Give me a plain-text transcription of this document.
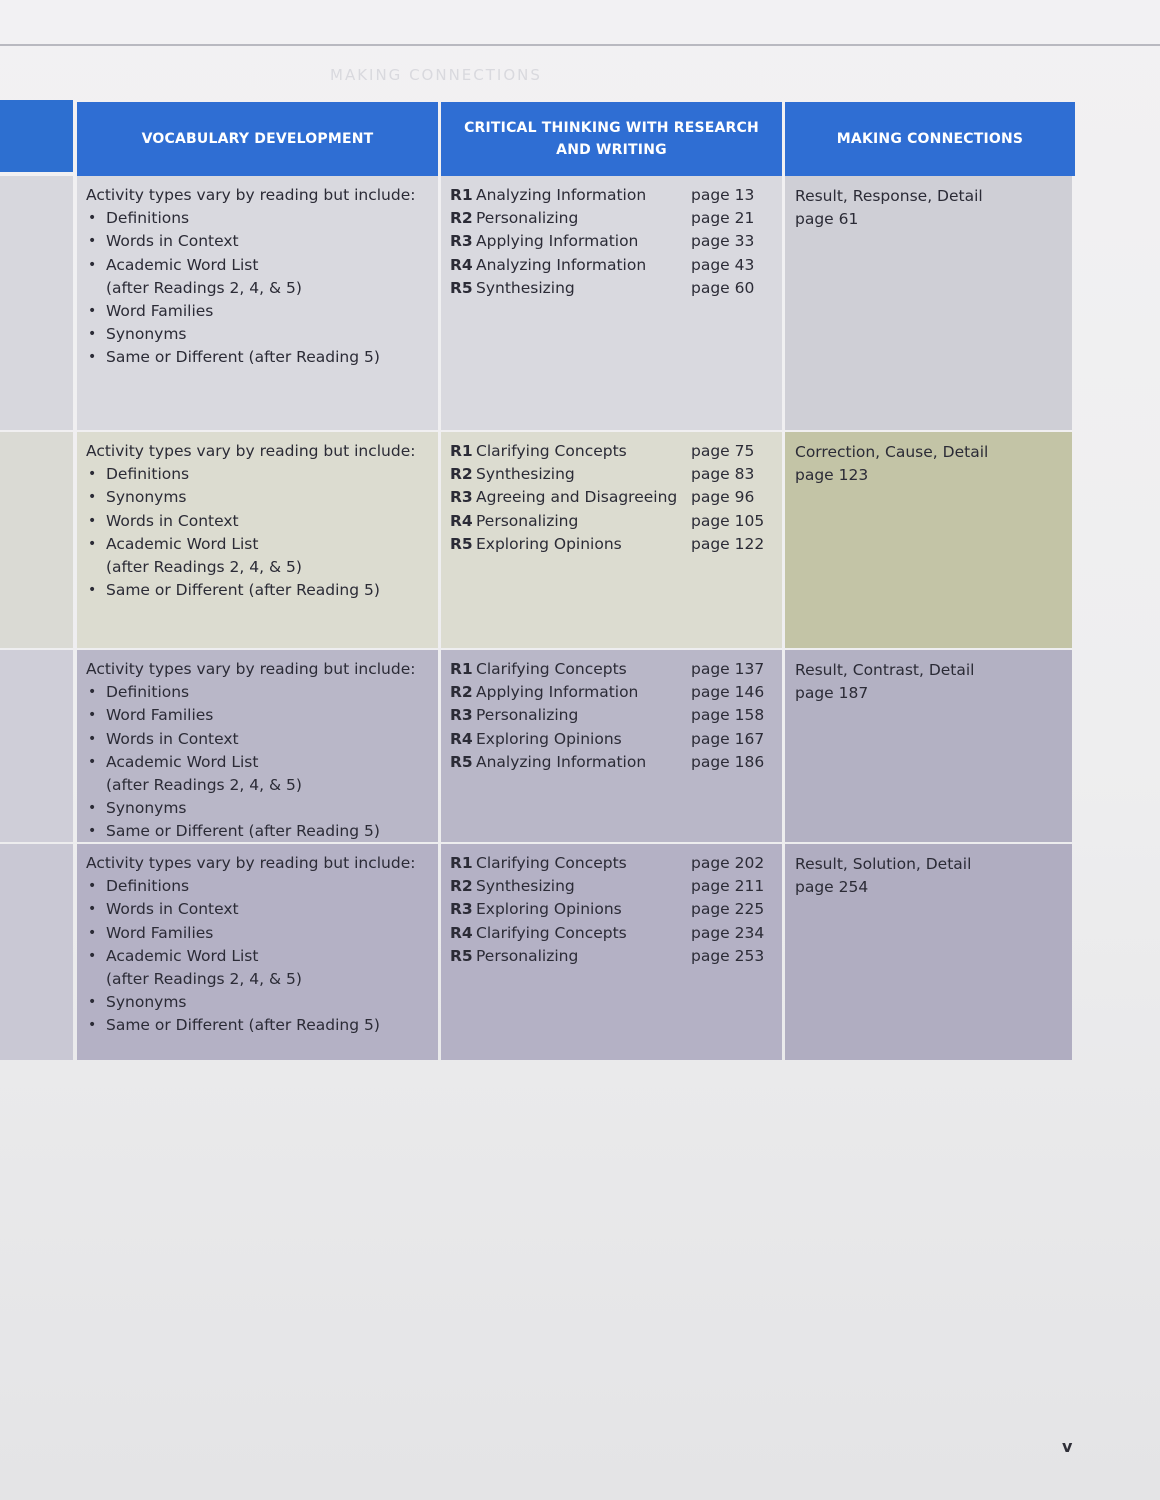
MAKING CONNECTIONS
VOCABULARY DEVELOPMENT
CRITICAL THINKING WITH RESEARCH AND WRITING
MAKING CONNECTIONS
Activity types vary by reading but include:
• Definitions
• Words in Context
• Academic Word List
(after Readings 2, 4, & 5)
• Word Families
• Synonyms
• Same or Different (after Reading 5)
R1 Analyzing Information	page 13
R2 Personalizing	page 21
R3 Applying Information	page 33
R4 Analyzing Information	page 43
R5 Synthesizing	page 60
Result, Response, Detail
page 61
Activity types vary by reading but include:
• Definitions
• Synonyms
• Words in Context
• Academic Word List
(after Readings 2, 4, & 5)
• Same or Different (after Reading 5)
R1 Clarifying Concepts	page 75
R2 Synthesizing	page 83
R3 Agreeing and Disagreeing page 96
R4 Personalizing	page 105
R5 Exploring Opinions	page 122
Correction, Cause, Detail
page 123
Activity types vary by reading but include:
• Definitions
• Word Families
• Words in Context
• Academic Word List
(after Readings 2, 4, & 5)
• Synonyms
• Same or Different (after Reading 5)
R1 Clarifying Concepts	page 137
R2 Applying Information	page 146
R3 Personalizing	page 158
R4 Exploring Opinions	page 167
R5 Analyzing Information	page 186
Result, Contrast, Detail
page 187
Activity types vary by reading but include:
• Definitions
• Words in Context
• Word Families
• Academic Word List
(after Readings 2, 4, & 5)
• Synonyms
• Same or Different (after Reading 5)
R1 Clarifying Concepts	page 202
R2 Synthesizing	page 211
R3 Exploring Opinions	page 225
R4 Clarifying Concepts	page 234
R5 Personalizing	page 253
Result, Solution, Detail
page 254
v
